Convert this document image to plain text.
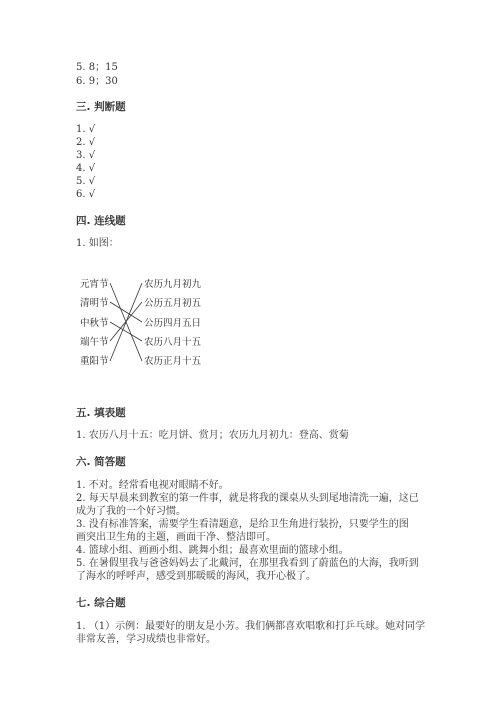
5. 8；15
6. 9；30
三. 判断题
1. √
2. √
3. √
4. √
5. √
6. √
四. 连线题
1. 如图：
元宵节
清明节
中秋节
端午节
重阳节
农历九月初九
公历五月初五
公历四月五日
农历八月十五
农历正月十五
五. 填表题
1. 农历八月十五：吃月饼、赏月；农历九月初九：登高、赏菊
六. 简答题
1. 不对。经常看电视对眼睛不好。
2. 每天早晨来到教室的第一件事，就是将我的课桌从头到尾地清洗一遍，这已
成为了我的一个好习惯。
3. 没有标准答案，需要学生看清题意，是给卫生角进行装扮，只要学生的图
画突出卫生角的主题，画面干净、整洁即可。
4. 篮球小组、画画小组、跳舞小组；最喜欢里面的篮球小组。
5. 在暑假里我与爸爸妈妈去了北戴河，在那里我看到了蔚蓝色的大海，我听到
了海水的呼呼声，感受到那暖暖的海风，我开心极了。
七. 综合题
1. （1）示例：最要好的朋友是小芳。我们俩都喜欢唱歌和打乒乓球。她对同学
非常友善，学习成绩也非常好。
